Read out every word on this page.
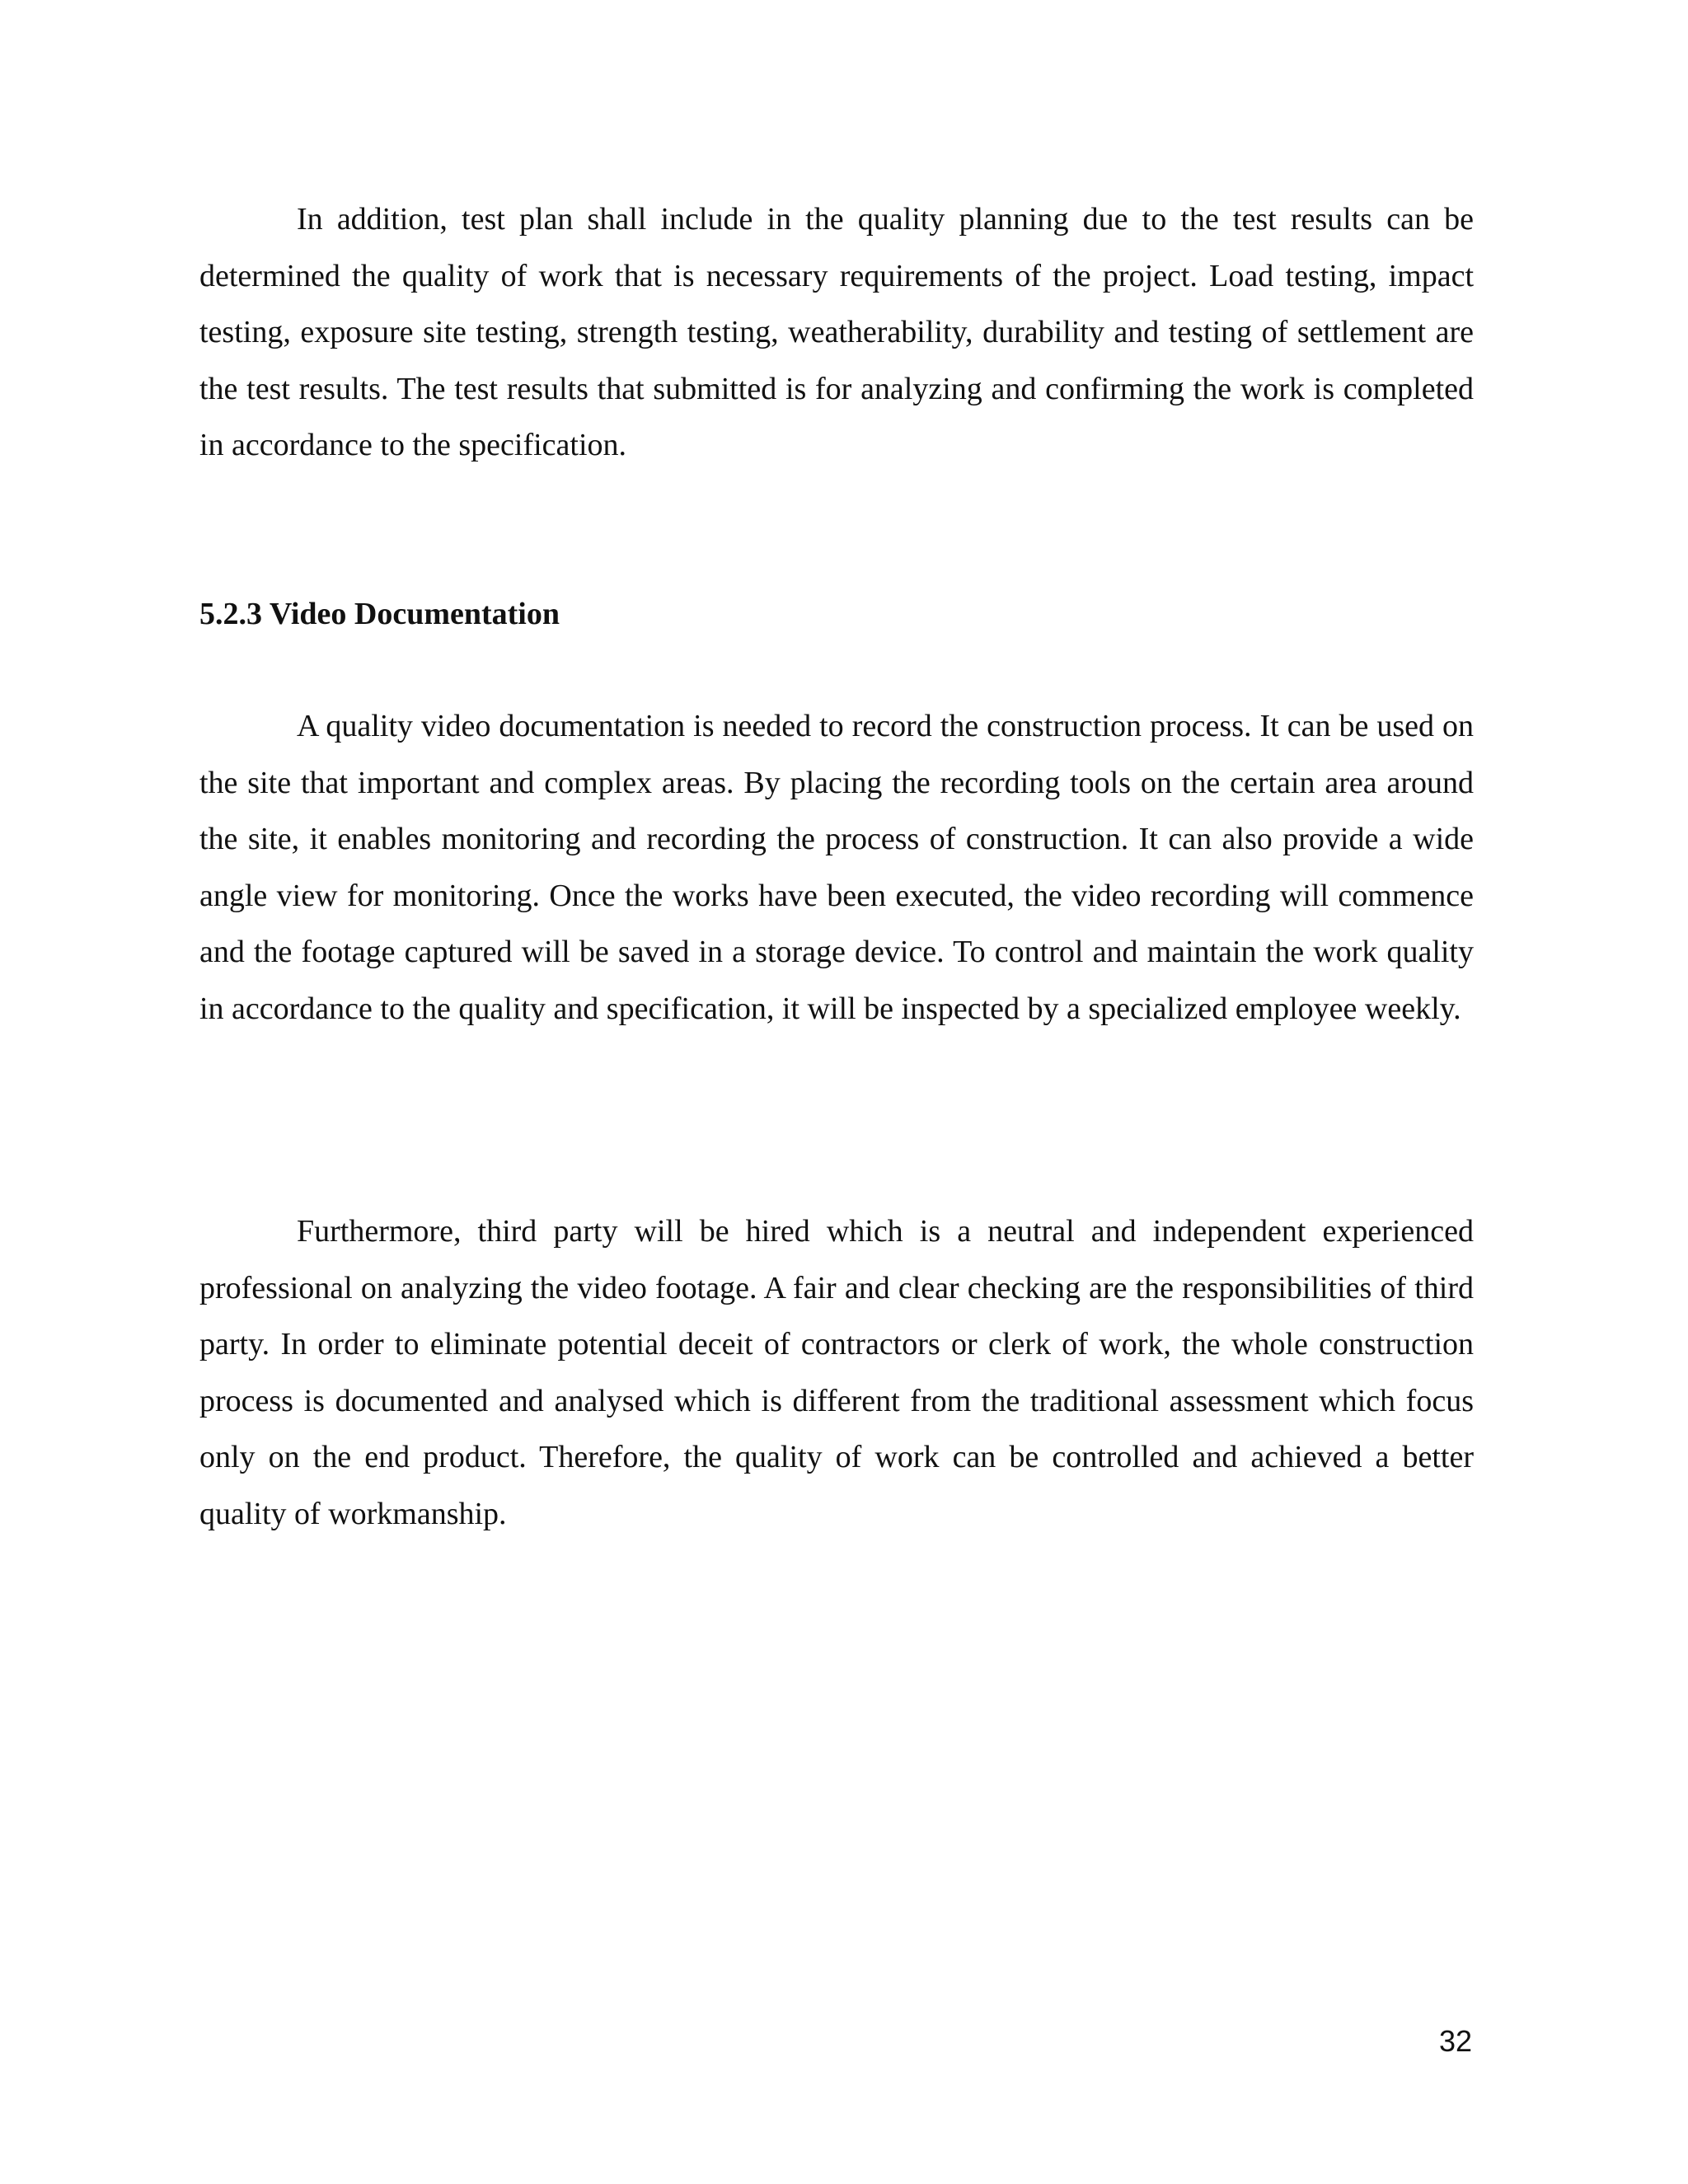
In addition, test plan shall include in the quality planning due to the test results can be determined the quality of work that is necessary requirements of the project. Load testing, impact testing, exposure site testing, strength testing, weatherability, durability and testing of settlement are the test results. The test results that submitted is for analyzing and confirming the work is completed in accordance to the specification.

5.2.3 Video Documentation

A quality video documentation is needed to record the construction process. It can be used on the site that important and complex areas. By placing the recording tools on the certain area around the site, it enables monitoring and recording the process of construction. It can also provide a wide angle view for monitoring. Once the works have been executed, the video recording will commence and the footage captured will be saved in a storage device. To control and maintain the work quality in accordance to the quality and specification, it will be inspected by a specialized employee weekly.

Furthermore, third party will be hired which is a neutral and independent experienced professional on analyzing the video footage. A fair and clear checking are the responsibilities of third party. In order to eliminate potential deceit of contractors or clerk of work, the whole construction process is documented and analysed which is different from the traditional assessment which focus only on the end product. Therefore, the quality of work can be controlled and achieved a better quality of workmanship.

32
